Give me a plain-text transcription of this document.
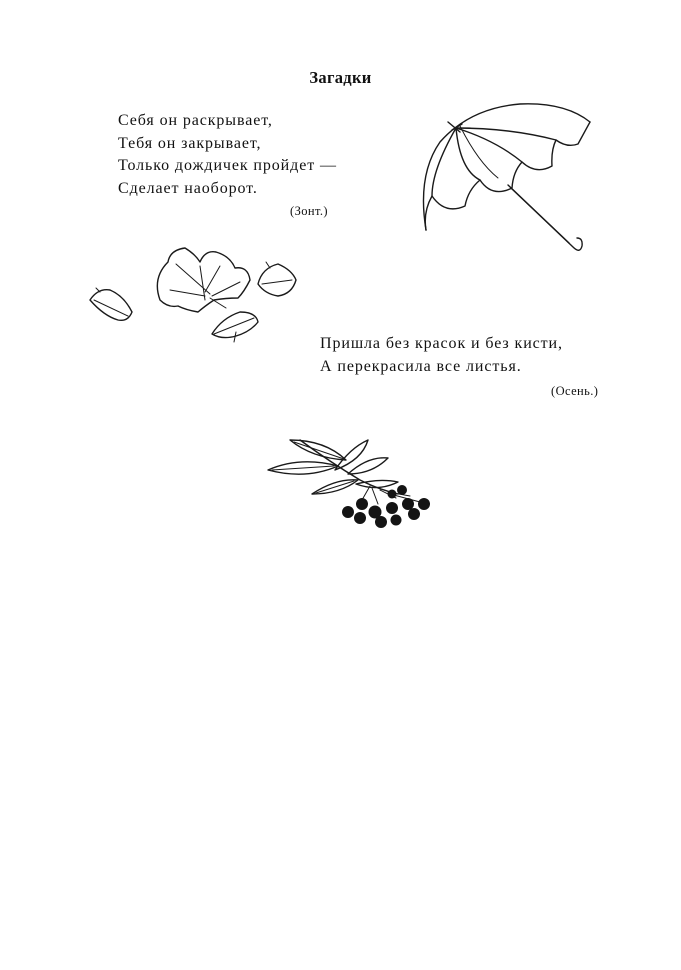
Загадки
Себя он раскрывает,
Тебя он закрывает,
Только дождичек пройдет —
Сделает наоборот.
(Зонт.)
Пришла без красок и без кисти,
А перекрасила все листья.
(Осень.)
